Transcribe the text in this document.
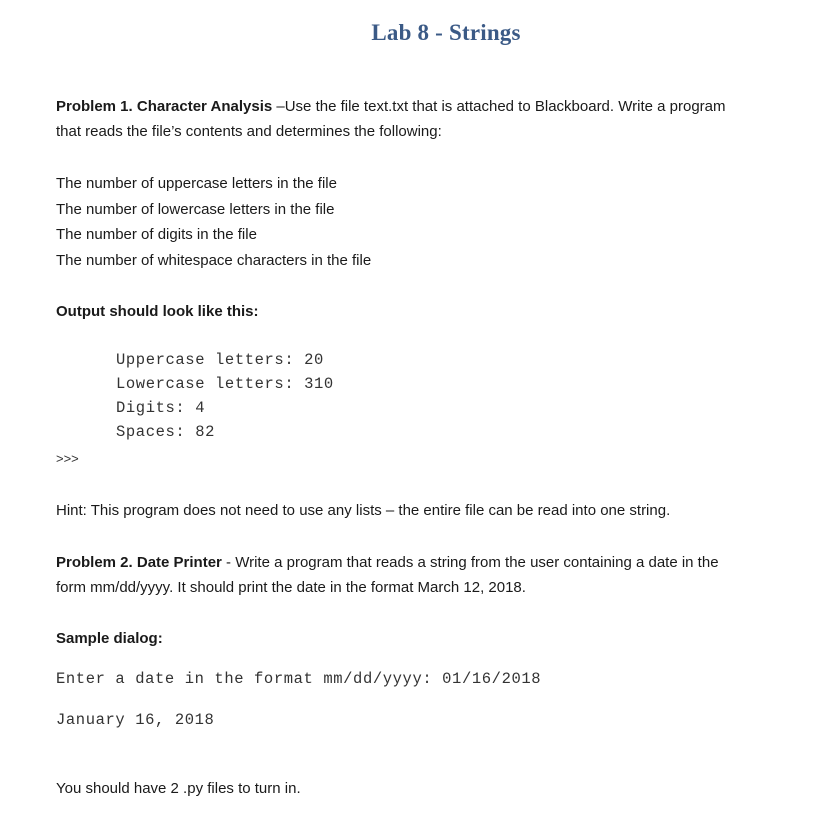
Lab 8 - Strings
Problem 1. Character Analysis –Use the file text.txt that is attached to Blackboard. Write a program
that reads the file’s contents and determines the following:
The number of uppercase letters in the file
The number of lowercase letters in the file
The number of digits in the file
The number of whitespace characters in the file
Output should look like this:
Uppercase letters: 20
Lowercase letters: 310
Digits: 4
Spaces: 82
>>>
Hint: This program does not need to use any lists – the entire file can be read into one string.
Problem 2. Date Printer - Write a program that reads a string from the user containing a date in the
form mm/dd/yyyy. It should print the date in the format March 12, 2018.
Sample dialog:
Enter a date in the format mm/dd/yyyy: 01/16/2018
January 16, 2018
You should have 2 .py files to turn in.
